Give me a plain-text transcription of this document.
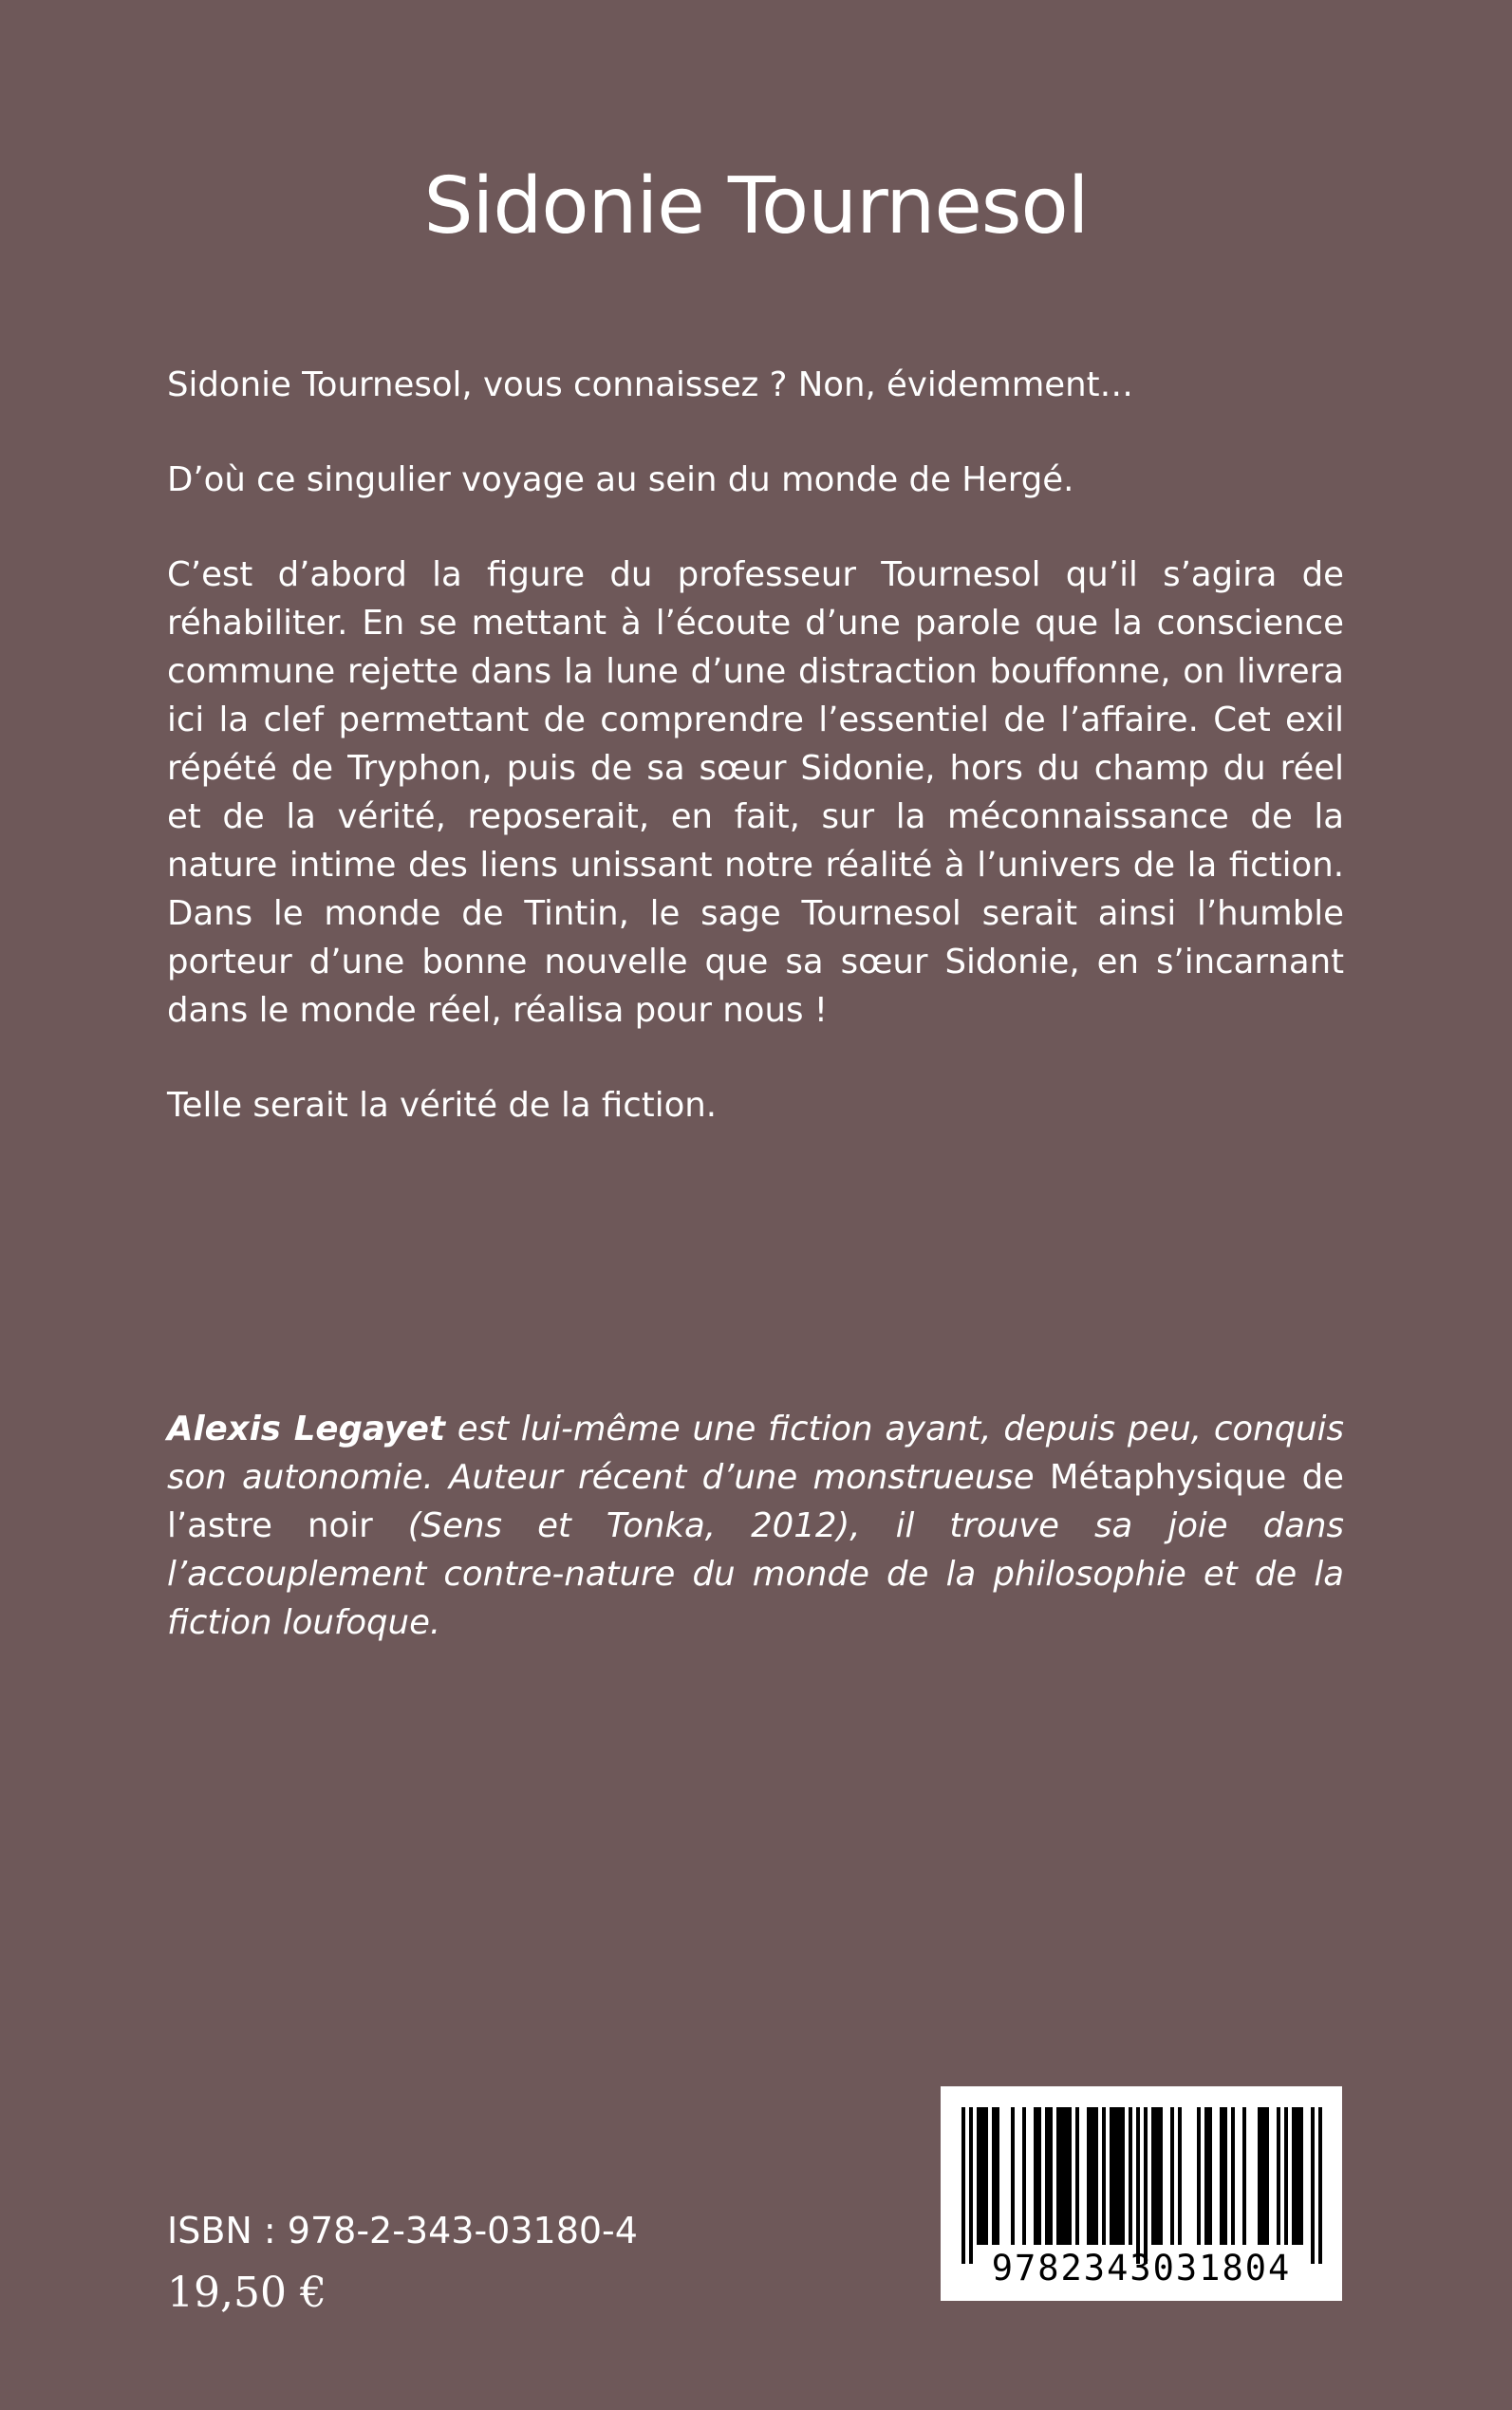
Sidonie Tournesol

Sidonie Tournesol, vous connaissez ? Non, évidemment…

D’où ce singulier voyage au sein du monde de Hergé.

C’est d’abord la figure du professeur Tournesol qu’il s’agira de réhabiliter. En se mettant à l’écoute d’une parole que la conscience commune rejette dans la lune d’une distraction bouffonne, on livrera ici la clef permettant de comprendre l’essentiel de l’affaire. Cet exil répété de Tryphon, puis de sa sœur Sidonie, hors du champ du réel et de la vérité, reposerait, en fait, sur la méconnaissance de la nature intime des liens unissant notre réalité à l’univers de la fiction. Dans le monde de Tintin, le sage Tournesol serait ainsi l’humble porteur d’une bonne nouvelle que sa sœur Sidonie, en s’incarnant dans le monde réel, réalisa pour nous !

Telle serait la vérité de la fiction.

Alexis Legayet est lui-même une fiction ayant, depuis peu, conquis son autonomie. Auteur récent d’une monstrueuse Métaphysique de l’astre noir (Sens et Tonka, 2012), il trouve sa joie dans l’accouplement contre-nature du monde de la philosophie et de la fiction loufoque.
ISBN : 978-2-343-03180-4
19,50 €
9782343031804
